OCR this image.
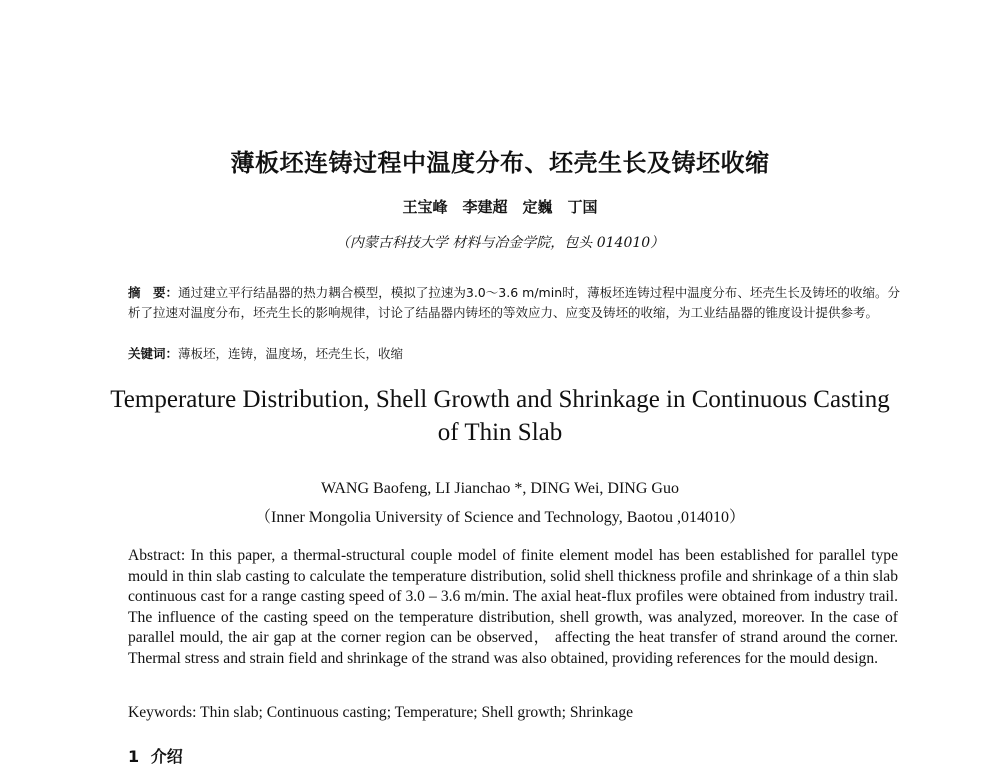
薄板坯连铸过程中温度分布、坯壳生长及铸坯收缩
王宝峰　李建超　定巍　丁国
（内蒙古科技大学 材料与冶金学院，包头 014010）
摘　要：通过建立平行结晶器的热力耦合模型，模拟了拉速为3.0～3.6 m/min时，薄板坯连铸过程中温度分布、坯壳生长及铸坯的收缩。分析了拉速对温度分布，坯壳生长的影响规律，讨论了结晶器内铸坯的等效应力、应变及铸坯的收缩，为工业结晶器的锥度设计提供参考。
关键词：薄板坯，连铸，温度场，坯壳生长，收缩
Temperature Distribution, Shell Growth and Shrinkage in Continuous Casting of Thin Slab
WANG Baofeng, LI Jianchao *, DING Wei, DING Guo
（Inner Mongolia University of Science and Technology, Baotou ,014010）
Abstract: In this paper, a thermal-structural couple model of finite element model has been established for parallel type mould in thin slab casting to calculate the temperature distribution, solid shell thickness profile and shrinkage of a thin slab continuous cast for a range casting speed of 3.0 – 3.6 m/min. The axial heat-flux profiles were obtained from industry trail. The influence of the casting speed on the temperature distribution, shell growth, was analyzed, moreover. In the case of parallel mould, the air gap at the corner region can be observed， affecting the heat transfer of strand around the corner. Thermal stress and strain field and shrinkage of the strand was also obtained, providing references for the mould design.
Keywords: Thin slab; Continuous casting; Temperature; Shell growth; Shrinkage
1 介绍
